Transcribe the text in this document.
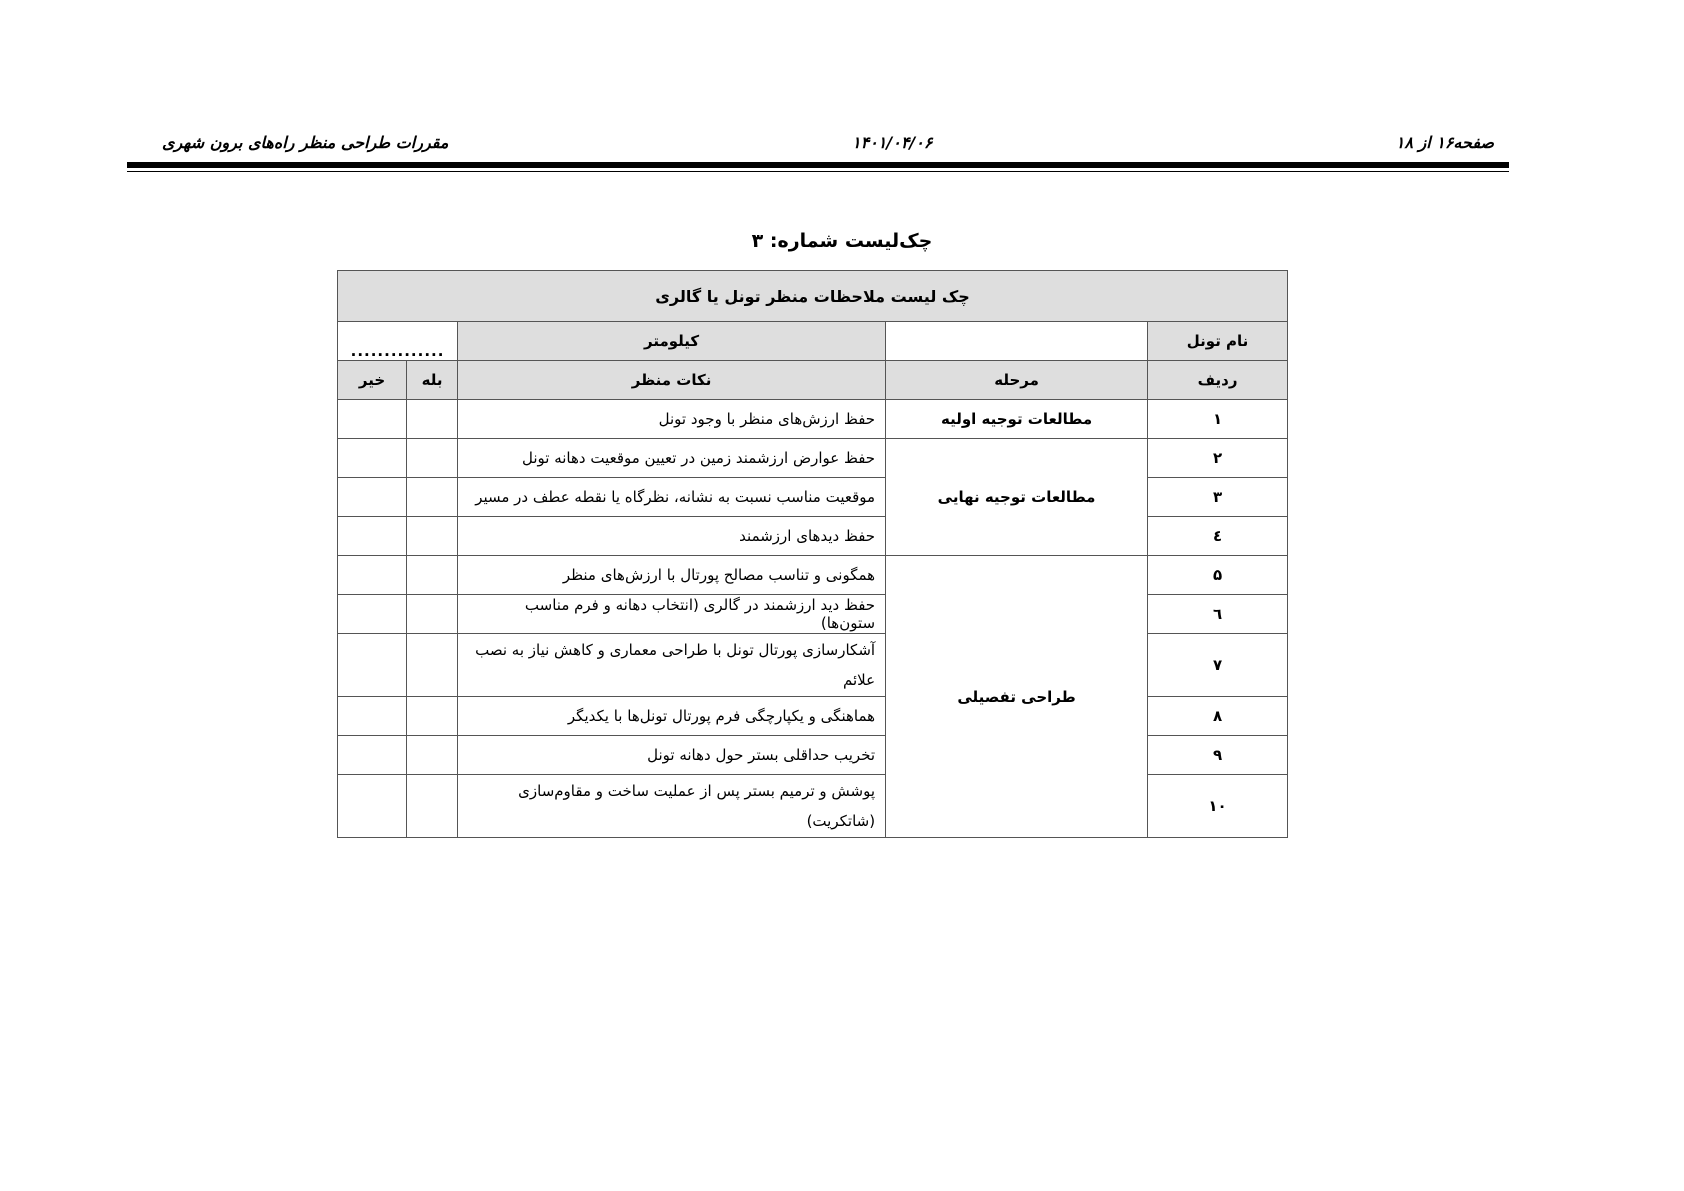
مقررات طراحی منظر راه‌های برون شهری	۱۴۰۱/۰۴/۰۶	صفحه۱۶ از ۱۸
چک‌لیست شماره: ۳
چک لیست ملاحظات منظر تونل یا گالری				
نام تونل		کیلومتر	..............	
ردیف	مرحله	نکات منظر	بله	خیر
۱	مطالعات توجیه اولیه	حفظ ارزش‌های منظر با وجود تونل		
۲	مطالعات توجیه نهایی	حفظ عوارض ارزشمند زمین در تعیین موقعیت دهانه تونل		
۳		موقعیت مناسب نسبت به نشانه، نظرگاه یا نقطه عطف در مسیر		
٤		حفظ دیدهای ارزشمند		
۵	طراحی تفصیلی	همگونی و تناسب مصالح پورتال با ارزش‌های منظر		
٦		حفظ دید ارزشمند در گالری (انتخاب دهانه و فرم مناسب ستون‌ها)		
۷		آشکارسازی پورتال تونل با طراحی معماری و کاهش نیاز به نصب علائم		
۸		هماهنگی و یکپارچگی فرم پورتال تونل‌ها با یکدیگر		
۹		تخریب حداقلی بستر حول دهانه تونل		
۱۰		پوشش و ترمیم بستر پس از عملیت ساخت و مقاوم‌سازی (شاتکریت)		
